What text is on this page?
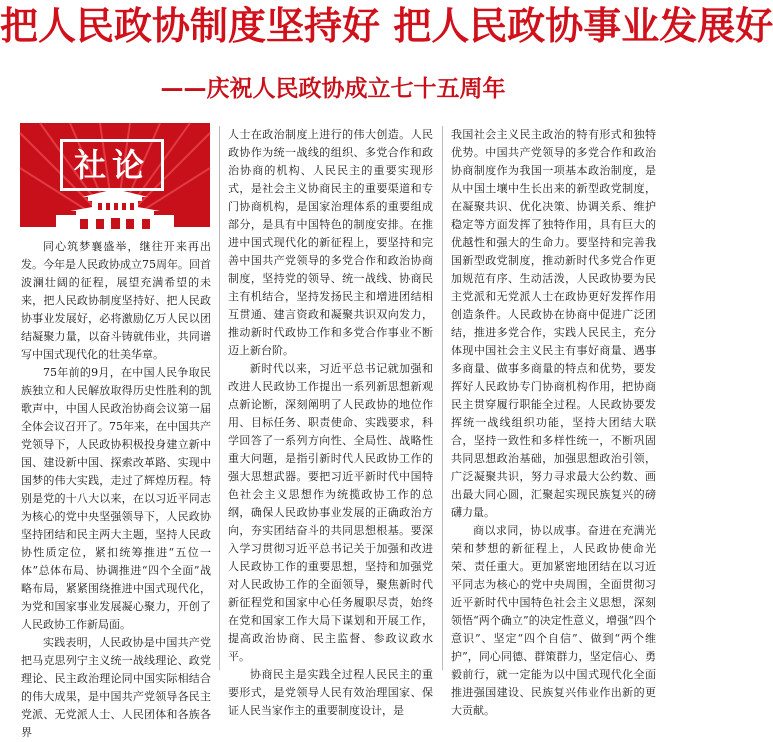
把人民政协制度坚持好 把人民政协事业发展好
——庆祝人民政协成立七十五周年
社论

同心筑梦襄盛举，继往开来再出发。今年是人民政协成立75周年。回首波澜壮阔的征程，展望充满希望的未来，把人民政协制度坚持好、把人民政协事业发展好，必将激励亿万人民以团结凝聚力量，以奋斗铸就伟业，共同谱写中国式现代化的壮美华章。

75年前的9月，在中国人民争取民族独立和人民解放取得历史性胜利的凯歌声中，中国人民政治协商会议第一届全体会议召开了。75年来，在中国共产党领导下，人民政协积极投身建立新中国、建设新中国、探索改革路、实现中国梦的伟大实践，走过了辉煌历程。特别是党的十八大以来，在以习近平同志为核心的党中央坚强领导下，人民政协坚持团结和民主两大主题，坚持人民政协性质定位，紧扣统筹推进“五位一体”总体布局、协调推进“四个全面”战略布局，紧紧围绕推进中国式现代化，为党和国家事业发展凝心聚力，开创了人民政协工作新局面。

实践表明，人民政协是中国共产党把马克思列宁主义统一战线理论、政党理论、民主政治理论同中国实际相结合的伟大成果，是中国共产党领导各民主党派、无党派人士、人民团体和各族各界

人士在政治制度上进行的伟大创造。人民政协作为统一战线的组织、多党合作和政治协商的机构、人民民主的重要实现形式，是社会主义协商民主的重要渠道和专门协商机构，是国家治理体系的重要组成部分，是具有中国特色的制度安排。在推进中国式现代化的新征程上，要坚持和完善中国共产党领导的多党合作和政治协商制度，坚持党的领导、统一战线、协商民主有机结合，坚持发扬民主和增进团结相互贯通、建言资政和凝聚共识双向发力，推动新时代政协工作和多党合作事业不断迈上新台阶。

新时代以来，习近平总书记就加强和改进人民政协工作提出一系列新思想新观点新论断，深刻阐明了人民政协的地位作用、目标任务、职责使命、实践要求，科学回答了一系列方向性、全局性、战略性重大问题，是指引新时代人民政协工作的强大思想武器。要把习近平新时代中国特色社会主义思想作为统揽政协工作的总纲，确保人民政协事业发展的正确政治方向，夯实团结奋斗的共同思想根基。要深入学习贯彻习近平总书记关于加强和改进人民政协工作的重要思想，坚持和加强党对人民政协工作的全面领导，聚焦新时代新征程党和国家中心任务履职尽责，始终在党和国家工作大局下谋划和开展工作，提高政治协商、民主监督、参政议政水平。

协商民主是实践全过程人民民主的重要形式，是党领导人民有效治理国家、保证人民当家作主的重要制度设计，是

我国社会主义民主政治的特有形式和独特优势。中国共产党领导的多党合作和政治协商制度作为我国一项基本政治制度，是从中国土壤中生长出来的新型政党制度，在凝聚共识、优化决策、协调关系、维护稳定等方面发挥了独特作用，具有巨大的优越性和强大的生命力。要坚持和完善我国新型政党制度，推动新时代多党合作更加规范有序、生动活泼，人民政协要为民主党派和无党派人士在政协更好发挥作用创造条件。人民政协在协商中促进广泛团结，推进多党合作，实践人民民主，充分体现中国社会主义民主有事好商量、遇事多商量、做事多商量的特点和优势，要发挥好人民政协专门协商机构作用，把协商民主贯穿履行职能全过程。人民政协要发挥统一战线组织功能，坚持大团结大联合，坚持一致性和多样性统一，不断巩固共同思想政治基础，加强思想政治引领，广泛凝聚共识，努力寻求最大公约数、画出最大同心圆，汇聚起实现民族复兴的磅礴力量。

商以求同，协以成事。奋进在充满光荣和梦想的新征程上，人民政协使命光荣、责任重大。更加紧密地团结在以习近平同志为核心的党中央周围，全面贯彻习近平新时代中国特色社会主义思想，深刻领悟“两个确立”的决定性意义，增强“四个意识”、坚定“四个自信”、做到“两个维护”，同心同德、群策群力，坚定信心、勇毅前行，就一定能为以中国式现代化全面推进强国建设、民族复兴伟业作出新的更大贡献。
